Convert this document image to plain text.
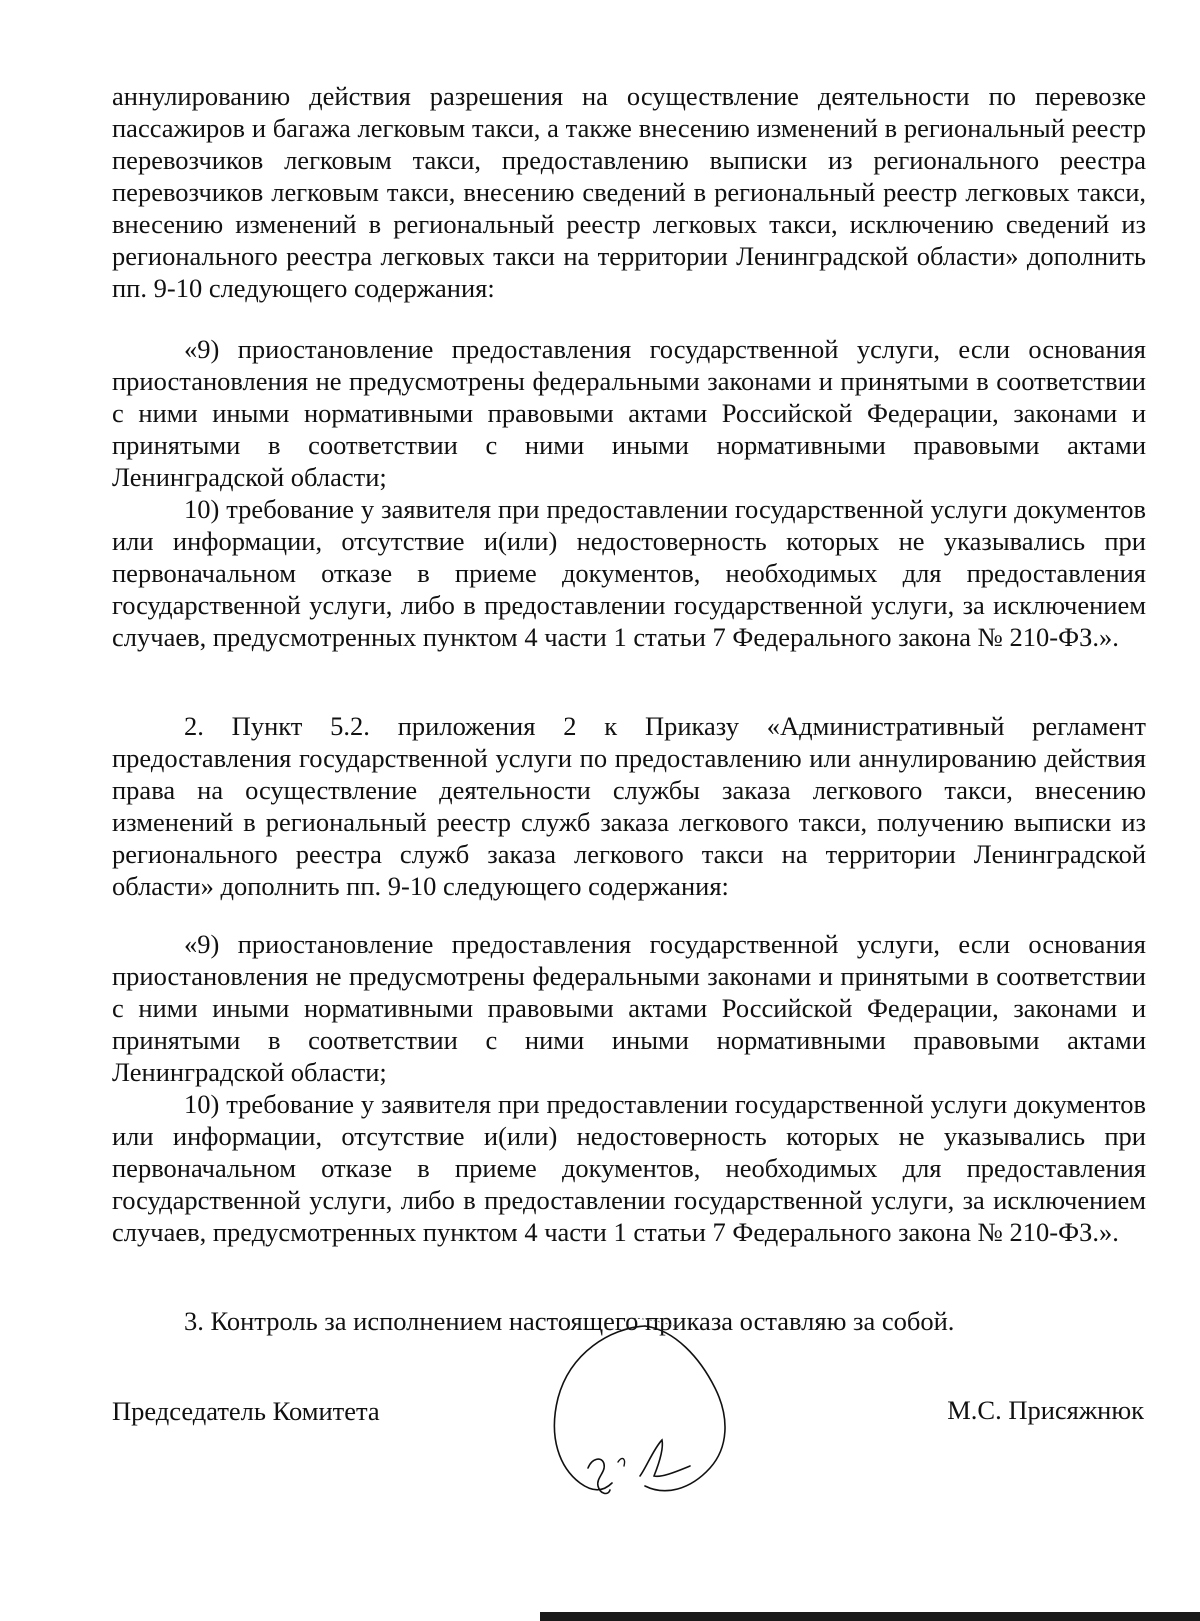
аннулированию действия разрешения на осуществление деятельности по перевозке пассажиров и багажа легковым такси, а также внесению изменений в региональный реестр перевозчиков легковым такси, предоставлению выписки из регионального реестра перевозчиков легковым такси, внесению сведений в региональный реестр легковых такси, внесению изменений в региональный реестр легковых такси, исключению сведений из регионального реестра легковых такси на территории Ленинградской области» дополнить пп. 9-10 следующего содержания:

«9) приостановление предоставления государственной услуги, если основания приостановления не предусмотрены федеральными законами и принятыми в соответствии с ними иными нормативными правовыми актами Российской Федерации, законами и принятыми в соответствии с ними иными нормативными правовыми актами Ленинградской области;

10) требование у заявителя при предоставлении государственной услуги документов или информации, отсутствие и(или) недостоверность которых не указывались при первоначальном отказе в приеме документов, необходимых для предоставления государственной услуги, либо в предоставлении государственной услуги, за исключением случаев, предусмотренных пунктом 4 части 1 статьи 7 Федерального закона № 210-ФЗ.».

2. Пункт 5.2. приложения 2 к Приказу «Административный регламент предоставления государственной услуги по предоставлению или аннулированию действия права на осуществление деятельности службы заказа легкового такси, внесению изменений в региональный реестр служб заказа легкового такси, получению выписки из регионального реестра служб заказа легкового такси на территории Ленинградской области» дополнить пп. 9-10 следующего содержания:

«9) приостановление предоставления государственной услуги, если основания приостановления не предусмотрены федеральными законами и принятыми в соответствии с ними иными нормативными правовыми актами Российской Федерации, законами и принятыми в соответствии с ними иными нормативными правовыми актами Ленинградской области;

10) требование у заявителя при предоставлении государственной услуги документов или информации, отсутствие и(или) недостоверность которых не указывались при первоначальном отказе в приеме документов, необходимых для предоставления государственной услуги, либо в предоставлении государственной услуги, за исключением случаев, предусмотренных пунктом 4 части 1 статьи 7 Федерального закона № 210-ФЗ.».

3. Контроль за исполнением настоящего приказа оставляю за собой.

Председатель Комитета	М.С. Присяжнюк
